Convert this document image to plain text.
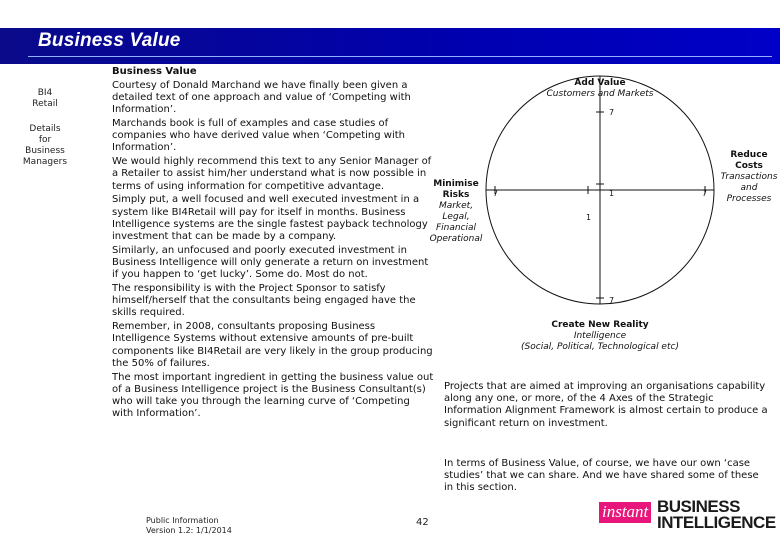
Business Value
BI4
Retail
Details
for
Business
Managers

Business Value

Courtesy of Donald Marchand we have finally been given a detailed text of one approach and value of ‘Competing with Information’.

Marchands book is full of examples and case studies of companies who have derived value when ‘Competing with Information’.

We would highly recommend this text to any Senior Manager of a Retailer to assist him/her understand what is now possible in terms of using information for competitive advantage.

Simply put, a well focused and well executed investment in a system like BI4Retail will pay for itself in months. Business Intelligence systems are the single fastest payback technology investment that can be made by a company.

Similarly, an unfocused and poorly executed investment in Business Intelligence will only generate a return on investment if you happen to ‘get lucky’. Some do. Most do not.

The responsibility is with the Project Sponsor to satisfy himself/herself that the consultants being engaged have the skills required.

Remember, in 2008, consultants proposing Business Intelligence Systems without extensive amounts of pre-built components like BI4Retail are very likely in the group producing the 50% of failures.

The most important ingredient in getting the business value out of a Business Intelligence project is the Business Consultant(s) who will take you through the learning curve of ‘Competing with Information’.

7
1
7
1
7	7
Add Value
Customers and Markets
Reduce
Costs
Transactions
and
Processes
Create New Reality
Intelligence
(Social, Political, Technological etc)
Minimise
Risks
Market,
Legal,
Financial
Operational
Projects that are aimed at improving an organisations capability along any one, or more, of the 4 Axes of the Strategic Information Alignment Framework is almost certain to produce a significant return on investment.
In terms of Business Value, of course, we have our own ‘case studies’ that we can share. And we have shared some of these in this section.
Public Information
Version 1.2: 1/1/2014
42
instant BUSINESS
INTELLIGENCE
